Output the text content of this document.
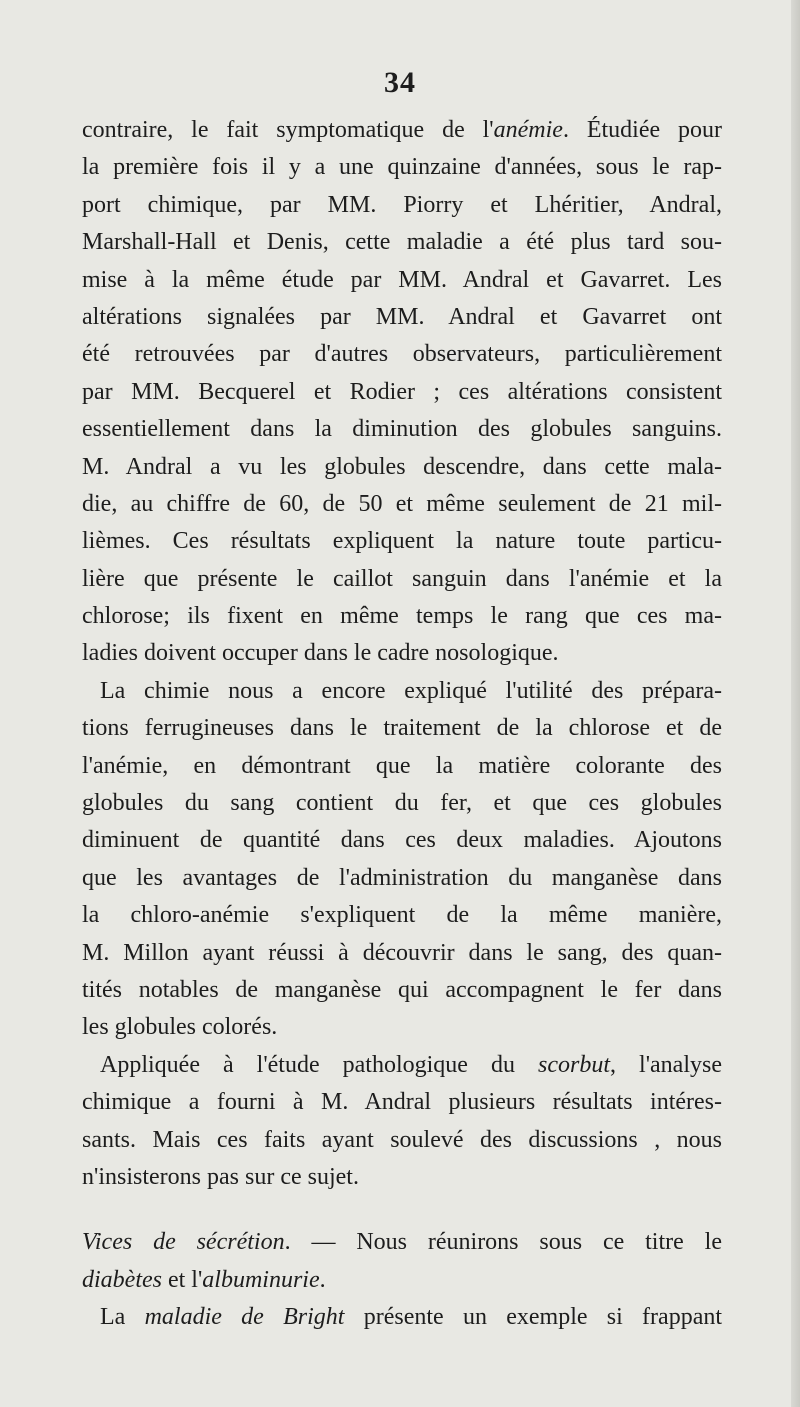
34
contraire, le fait symptomatique de l'anémie. Étudiée pour
la première fois il y a une quinzaine d'années, sous le rap-
port chimique, par MM. Piorry et Lhéritier, Andral,
Marshall-Hall et Denis, cette maladie a été plus tard sou-
mise à la même étude par MM. Andral et Gavarret. Les
altérations signalées par MM. Andral et Gavarret ont
été retrouvées par d'autres observateurs, particulièrement
par MM. Becquerel et Rodier ; ces altérations consistent
essentiellement dans la diminution des globules sanguins.
M. Andral a vu les globules descendre, dans cette mala-
die, au chiffre de 60, de 50 et même seulement de 21 mil-
lièmes. Ces résultats expliquent la nature toute particu-
lière que présente le caillot sanguin dans l'anémie et la
chlorose; ils fixent en même temps le rang que ces ma-
ladies doivent occuper dans le cadre nosologique.
La chimie nous a encore expliqué l'utilité des prépara-
tions ferrugineuses dans le traitement de la chlorose et de
l'anémie, en démontrant que la matière colorante des
globules du sang contient du fer, et que ces globules
diminuent de quantité dans ces deux maladies. Ajoutons
que les avantages de l'administration du manganèse dans
la chloro-anémie s'expliquent de la même manière,
M. Millon ayant réussi à découvrir dans le sang, des quan-
tités notables de manganèse qui accompagnent le fer dans
les globules colorés.
Appliquée à l'étude pathologique du scorbut, l'analyse
chimique a fourni à M. Andral plusieurs résultats intéres-
sants. Mais ces faits ayant soulevé des discussions , nous
n'insisterons pas sur ce sujet.
Vices de sécrétion. — Nous réunirons sous ce titre le
diabètes et l'albuminurie.
La maladie de Bright présente un exemple si frappant
